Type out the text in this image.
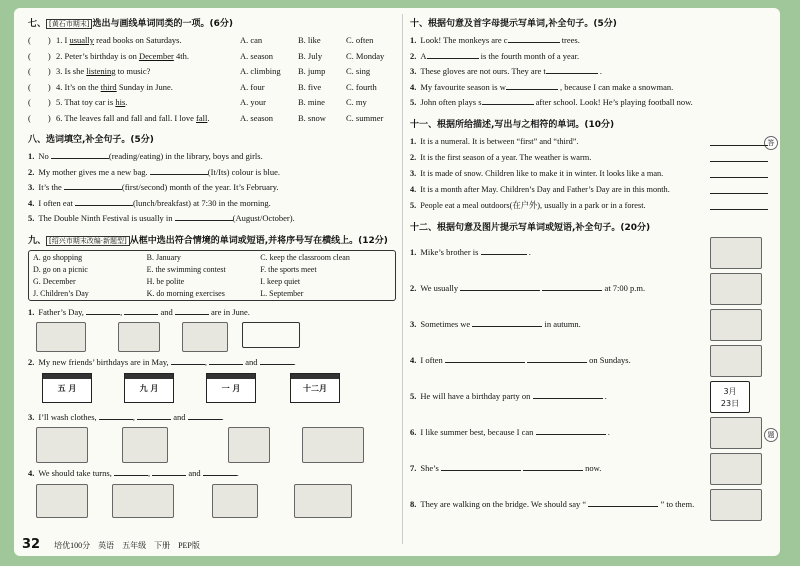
答
题
七、 [黄石市期末] 选出与画线单词同类的一项。(6分)
(　　) 1. I usually read books on Saturdays.	A. can	B. like	C. often
(　　) 2. Peter’s birthday is on December 4th.	A. season	B. July	C. Monday
(　　) 3. Is she listening to music?	A. climbing B. jump C. sing
(　　) 4. It’s on the third Sunday in June.	A. four	B. five	C. fourth
(　　) 5. That toy car is his.	A. your	B. mine C. my
(　　) 6. The leaves fall and fall and fall. I love fall.	A. season	B. snow C. summer
八、选词填空,补全句子。(5分)
1. No	(reading/eating) in the library, boys and girls.
2. My mother gives me a new bag.	(It/Its) colour is blue.
3. It’s the	(first/second) month of the year. It’s February.
4. I often eat	(lunch/breakfast) at 7:30 in the morning.
5. The Double Ninth Festival is usually in	(August/October).
九、 [绍兴市期末改编·新题型] 从框中选出符合情境的单词或短语,并将序号写在横线上。(12分)
A. go shopping	B. January	C. keep the classroom clean
D. go on a picnic	E. the swimming contest	F. the sports meet
G. December	H. be polite	I. keep quiet
J. Children’s Day	K. do morning exercises	L. September
1. Father’s Day,	,	and	are in June.
2. My new friends’ birthdays are in May,	,	and	.
五 月	九 月	一 月	十二月
3. I’ll wash clothes,	,	and	.
4. We should take turns,	,	and	.
十、根据句意及首字母提示写单词,补全句子。(5分)
1. Look! The monkeys are c	trees.
2. A	is the fourth month of a year.
3. These gloves are not ours. They are t	.
4. My favourite season is w	, because I can make a snowman.
5. John often plays s	after school. Look! He’s playing football now.
十一、根据所给描述,写出与之相符的单词。(10分)
1. It is a numeral. It is between “first” and “third”.
2. It is the first season of a year. The weather is warm.
3. It is made of snow. Children like to make it in winter. It looks like a man.
4. It is a month after May. Children’s Day and Father’s Day are in this month.
5. People eat a meal outdoors(在户外), usually in a park or in a forest.
十二、根据句意及图片提示写单词或短语,补全句子。(20分)
1. Mike’s brother is	.
2. We usually	at 7:00 p.m.
3. Sometimes we	in autumn.
4. I often	on Sundays.
5. He will have a birthday party on	.	3月
23日
6. I like summer best, because I can	.
7. She’s	now.
8. They are walking on the bridge. We should say “	” to them.
32 培优100分　英语　五年级　下册　PEP版
